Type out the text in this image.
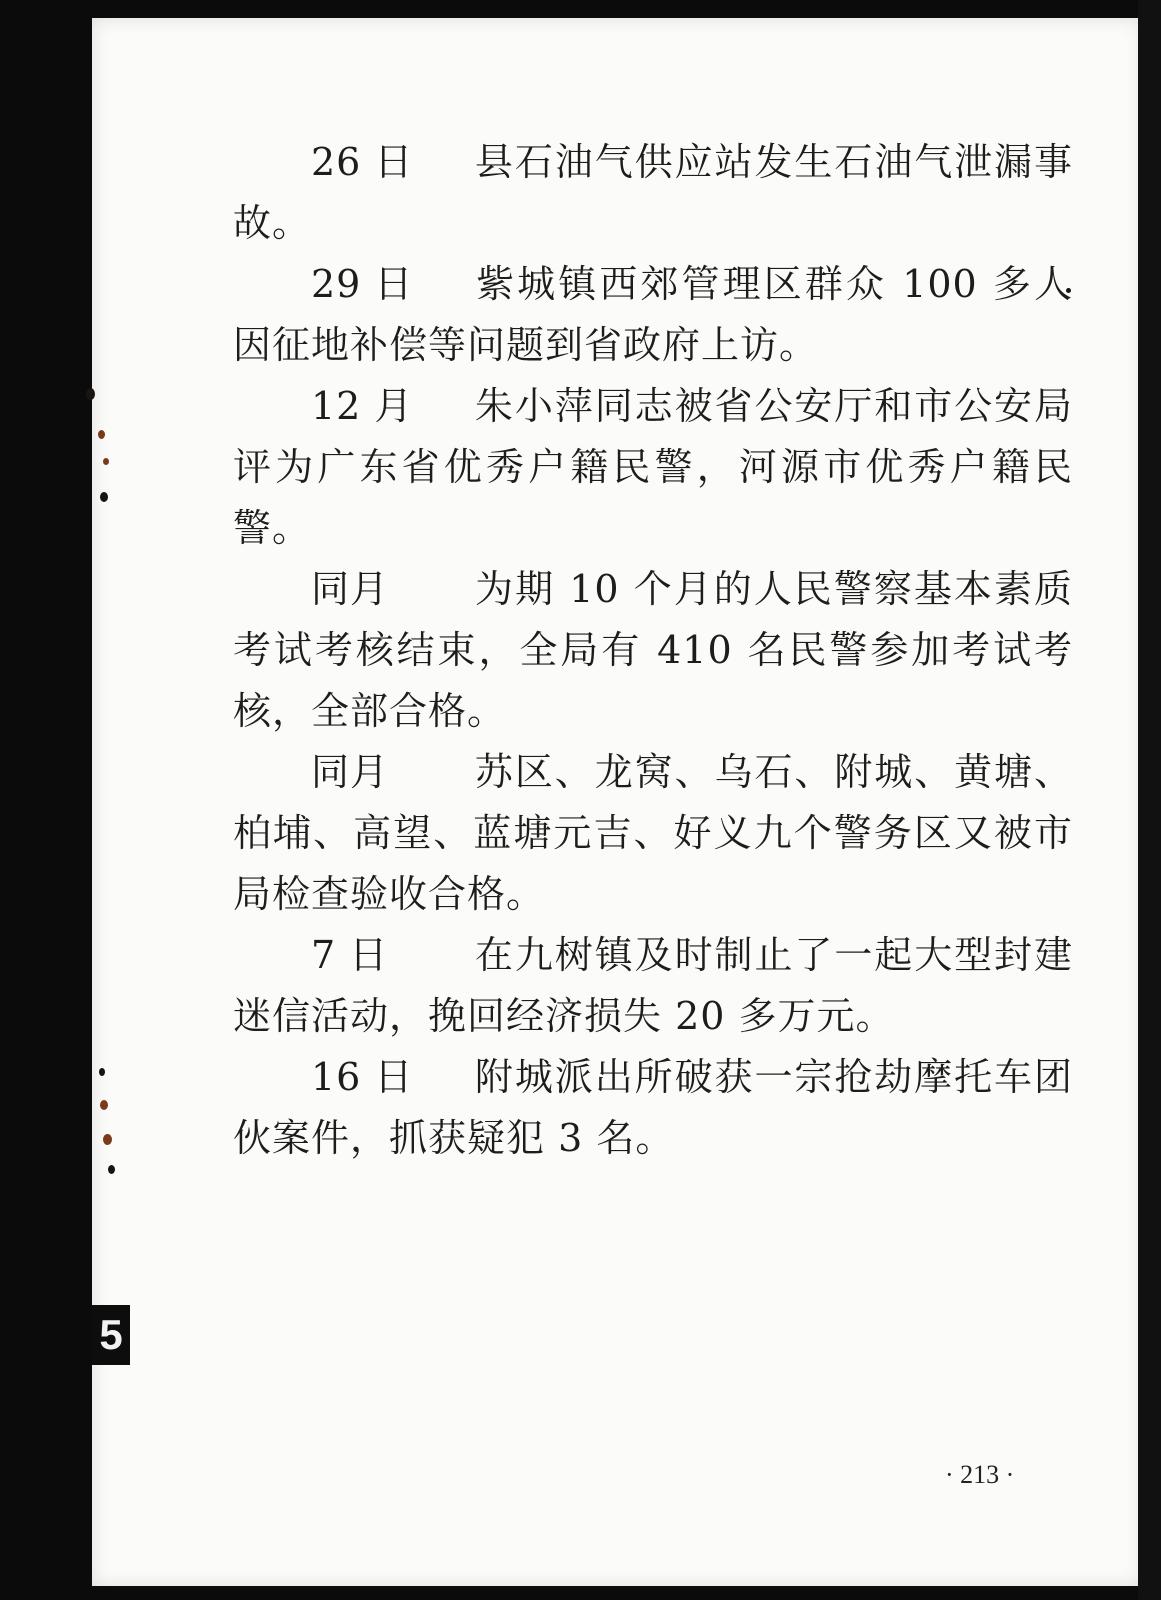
26 日 县石油气供应站发生石油气泄漏事故。

29 日 紫城镇西郊管理区群众 100 多人因征地补偿等问题到省政府上访。

12 月 朱小萍同志被省公安厅和市公安局评为广东省优秀户籍民警，河源市优秀户籍民警。

同月 为期 10 个月的人民警察基本素质考试考核结束，全局有 410 名民警参加考试考核，全部合格。

同月 苏区、龙窝、乌石、附城、黄塘、柏埔、高望、蓝塘元吉、好义九个警务区又被市局检查验收合格。

7 日 在九树镇及时制止了一起大型封建迷信活动，挽回经济损失 20 多万元。

16 日 附城派出所破获一宗抢劫摩托车团伙案件，抓获疑犯 3 名。

5
· 213 ·
